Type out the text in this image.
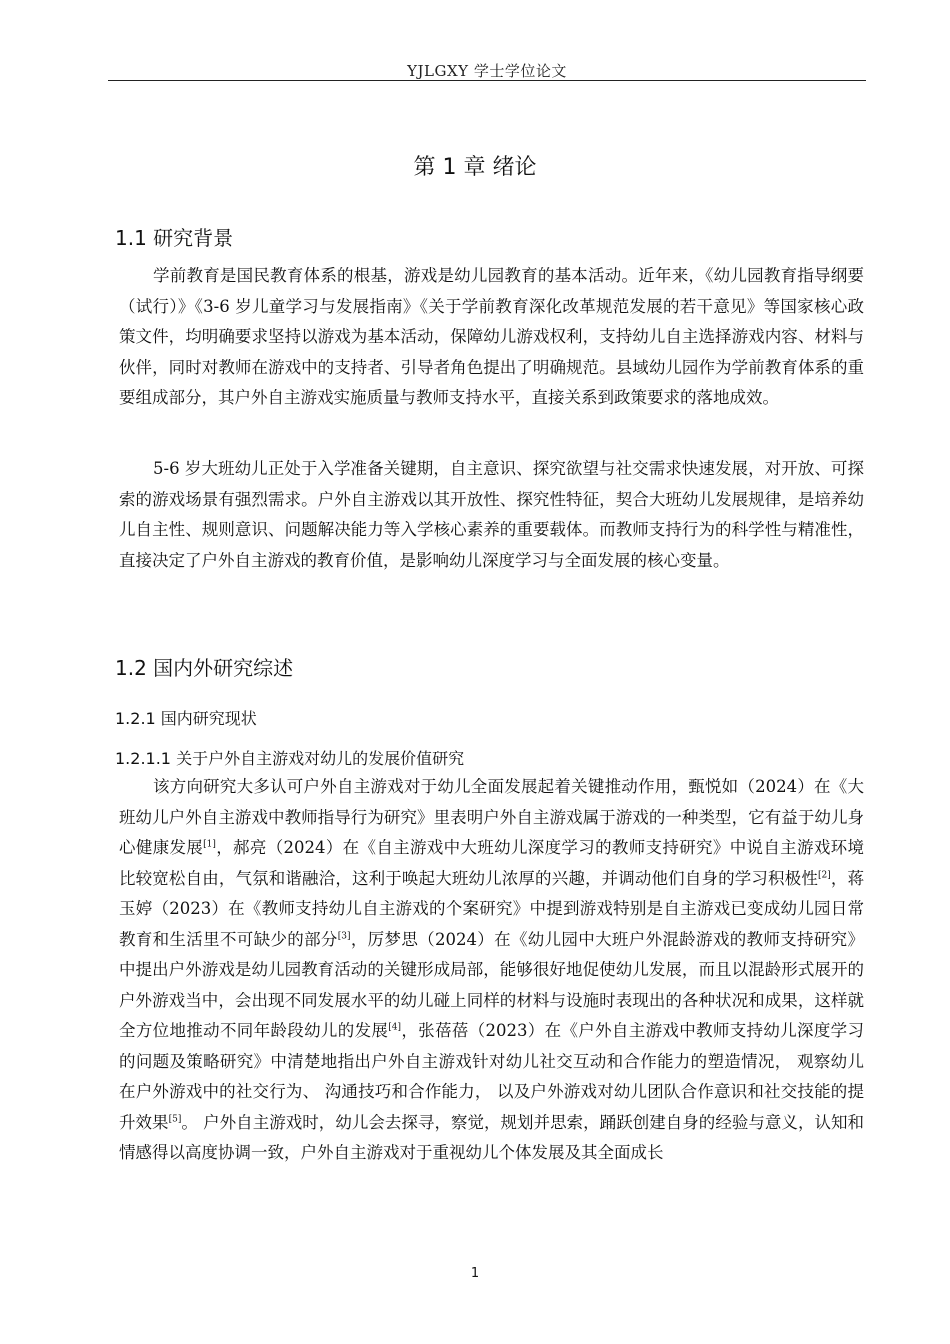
YJLGXY 学士学位论文
第 1 章 绪论
1.1 研究背景

学前教育是国民教育体系的根基，游戏是幼儿园教育的基本活动。近年来，《幼儿园教育指导纲要（试行）》《3-6 岁儿童学习与发展指南》《关于学前教育深化改革规范发展的若干意见》等国家核心政策文件，均明确要求坚持以游戏为基本活动，保障幼儿游戏权利，支持幼儿自主选择游戏内容、材料与伙伴，同时对教师在游戏中的支持者、引导者角色提出了明确规范。县域幼儿园作为学前教育体系的重要组成部分，其户外自主游戏实施质量与教师支持水平，直接关系到政策要求的落地成效。

5-6 岁大班幼儿正处于入学准备关键期，自主意识、探究欲望与社交需求快速发展，对开放、可探索的游戏场景有强烈需求。户外自主游戏以其开放性、探究性特征，契合大班幼儿发展规律，是培养幼儿自主性、规则意识、问题解决能力等入学核心素养的重要载体。而教师支持行为的科学性与精准性，直接决定了户外自主游戏的教育价值，是影响幼儿深度学习与全面发展的核心变量。

1.2 国内外研究综述
1.2.1 国内研究现状
1.2.1.1 关于户外自主游戏对幼儿的发展价值研究

该方向研究大多认可户外自主游戏对于幼儿全面发展起着关键推动作用，甄悦如（2024）在《大班幼儿户外自主游戏中教师指导行为研究》里表明户外自主游戏属于游戏的一种类型，它有益于幼儿身心健康发展[1]，郝亮（2024）在《自主游戏中大班幼儿深度学习的教师支持研究》中说自主游戏环境比较宽松自由，气氛和谐融洽，这利于唤起大班幼儿浓厚的兴趣，并调动他们自身的学习积极性[2]，蒋玉婷（2023）在《教师支持幼儿自主游戏的个案研究》中提到游戏特别是自主游戏已变成幼儿园日常教育和生活里不可缺少的部分[3]，厉梦思（2024）在《幼儿园中大班户外混龄游戏的教师支持研究》中提出户外游戏是幼儿园教育活动的关键形成局部，能够很好地促使幼儿发展，而且以混龄形式展开的户外游戏当中，会出现不同发展水平的幼儿碰上同样的材料与设施时表现出的各种状况和成果，这样就全方位地推动不同年龄段幼儿的发展[4]，张蓓蓓（2023）在《户外自主游戏中教师支持幼儿深度学习的问题及策略研究》中清楚地指出户外自主游戏针对幼儿社交互动和合作能力的塑造情况， 观察幼儿在户外游戏中的社交行为、 沟通技巧和合作能力， 以及户外游戏对幼儿团队合作意识和社交技能的提升效果[5]。 户外自主游戏时，幼儿会去探寻，察觉，规划并思索，踊跃创建自身的经验与意义，认知和情感得以高度协调一致，户外自主游戏对于重视幼儿个体发展及其全面成长

1
